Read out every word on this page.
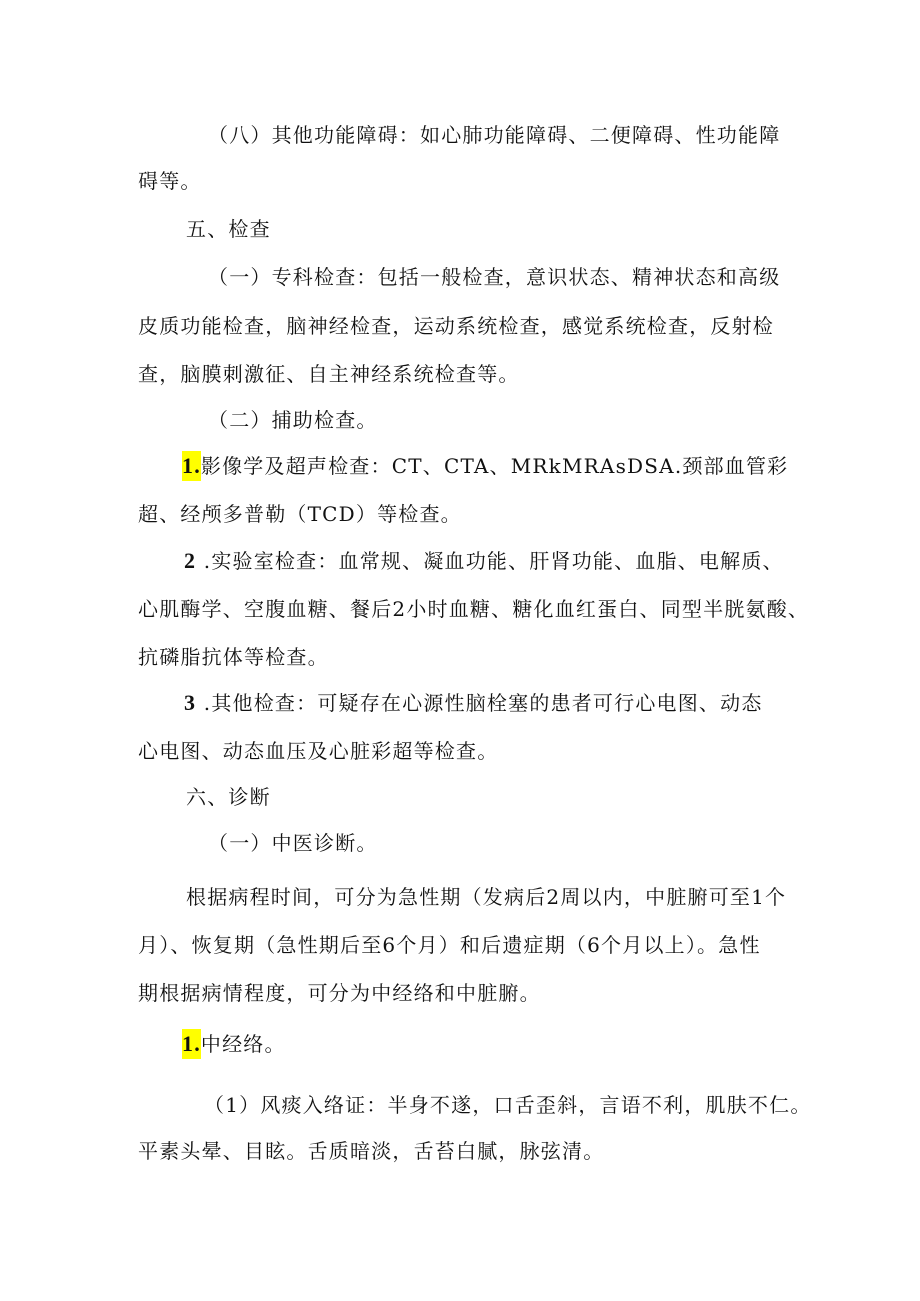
（八）其他功能障碍：如心肺功能障碍、二便障碍、性功能障
碍等。
五、检查
（一）专科检查：包括一般检查，意识状态、精神状态和高级
皮质功能检查，脑神经检查，运动系统检查，感觉系统检查，反射检
查，脑膜刺激征、自主神经系统检查等。
（二）捕助检查。
1.影像学及超声检查：CT、CTA、MRkMRAsDSA.颈部血管彩
超、经颅多普勒（TCD）等检查。
2 .实验室检查：血常规、凝血功能、肝肾功能、血脂、电解质、
心肌酶学、空腹血糖、餐后2小时血糖、糖化血红蛋白、同型半胱氨酸、
抗磷脂抗体等检查。
3 .其他检查：可疑存在心源性脑栓塞的患者可行心电图、动态
心电图、动态血压及心脏彩超等检查。
六、诊断
（一）中医诊断。
根据病程时间，可分为急性期（发病后2周以内，中脏腑可至1个
月）、恢复期（急性期后至6个月）和后遗症期（6个月以上）。急性
期根据病情程度，可分为中经络和中脏腑。
1.中经络。
（1）风痰入络证：半身不遂，口舌歪斜，言语不利，肌肤不仁。
平素头晕、目眩。舌质暗淡，舌苔白腻，脉弦清。
